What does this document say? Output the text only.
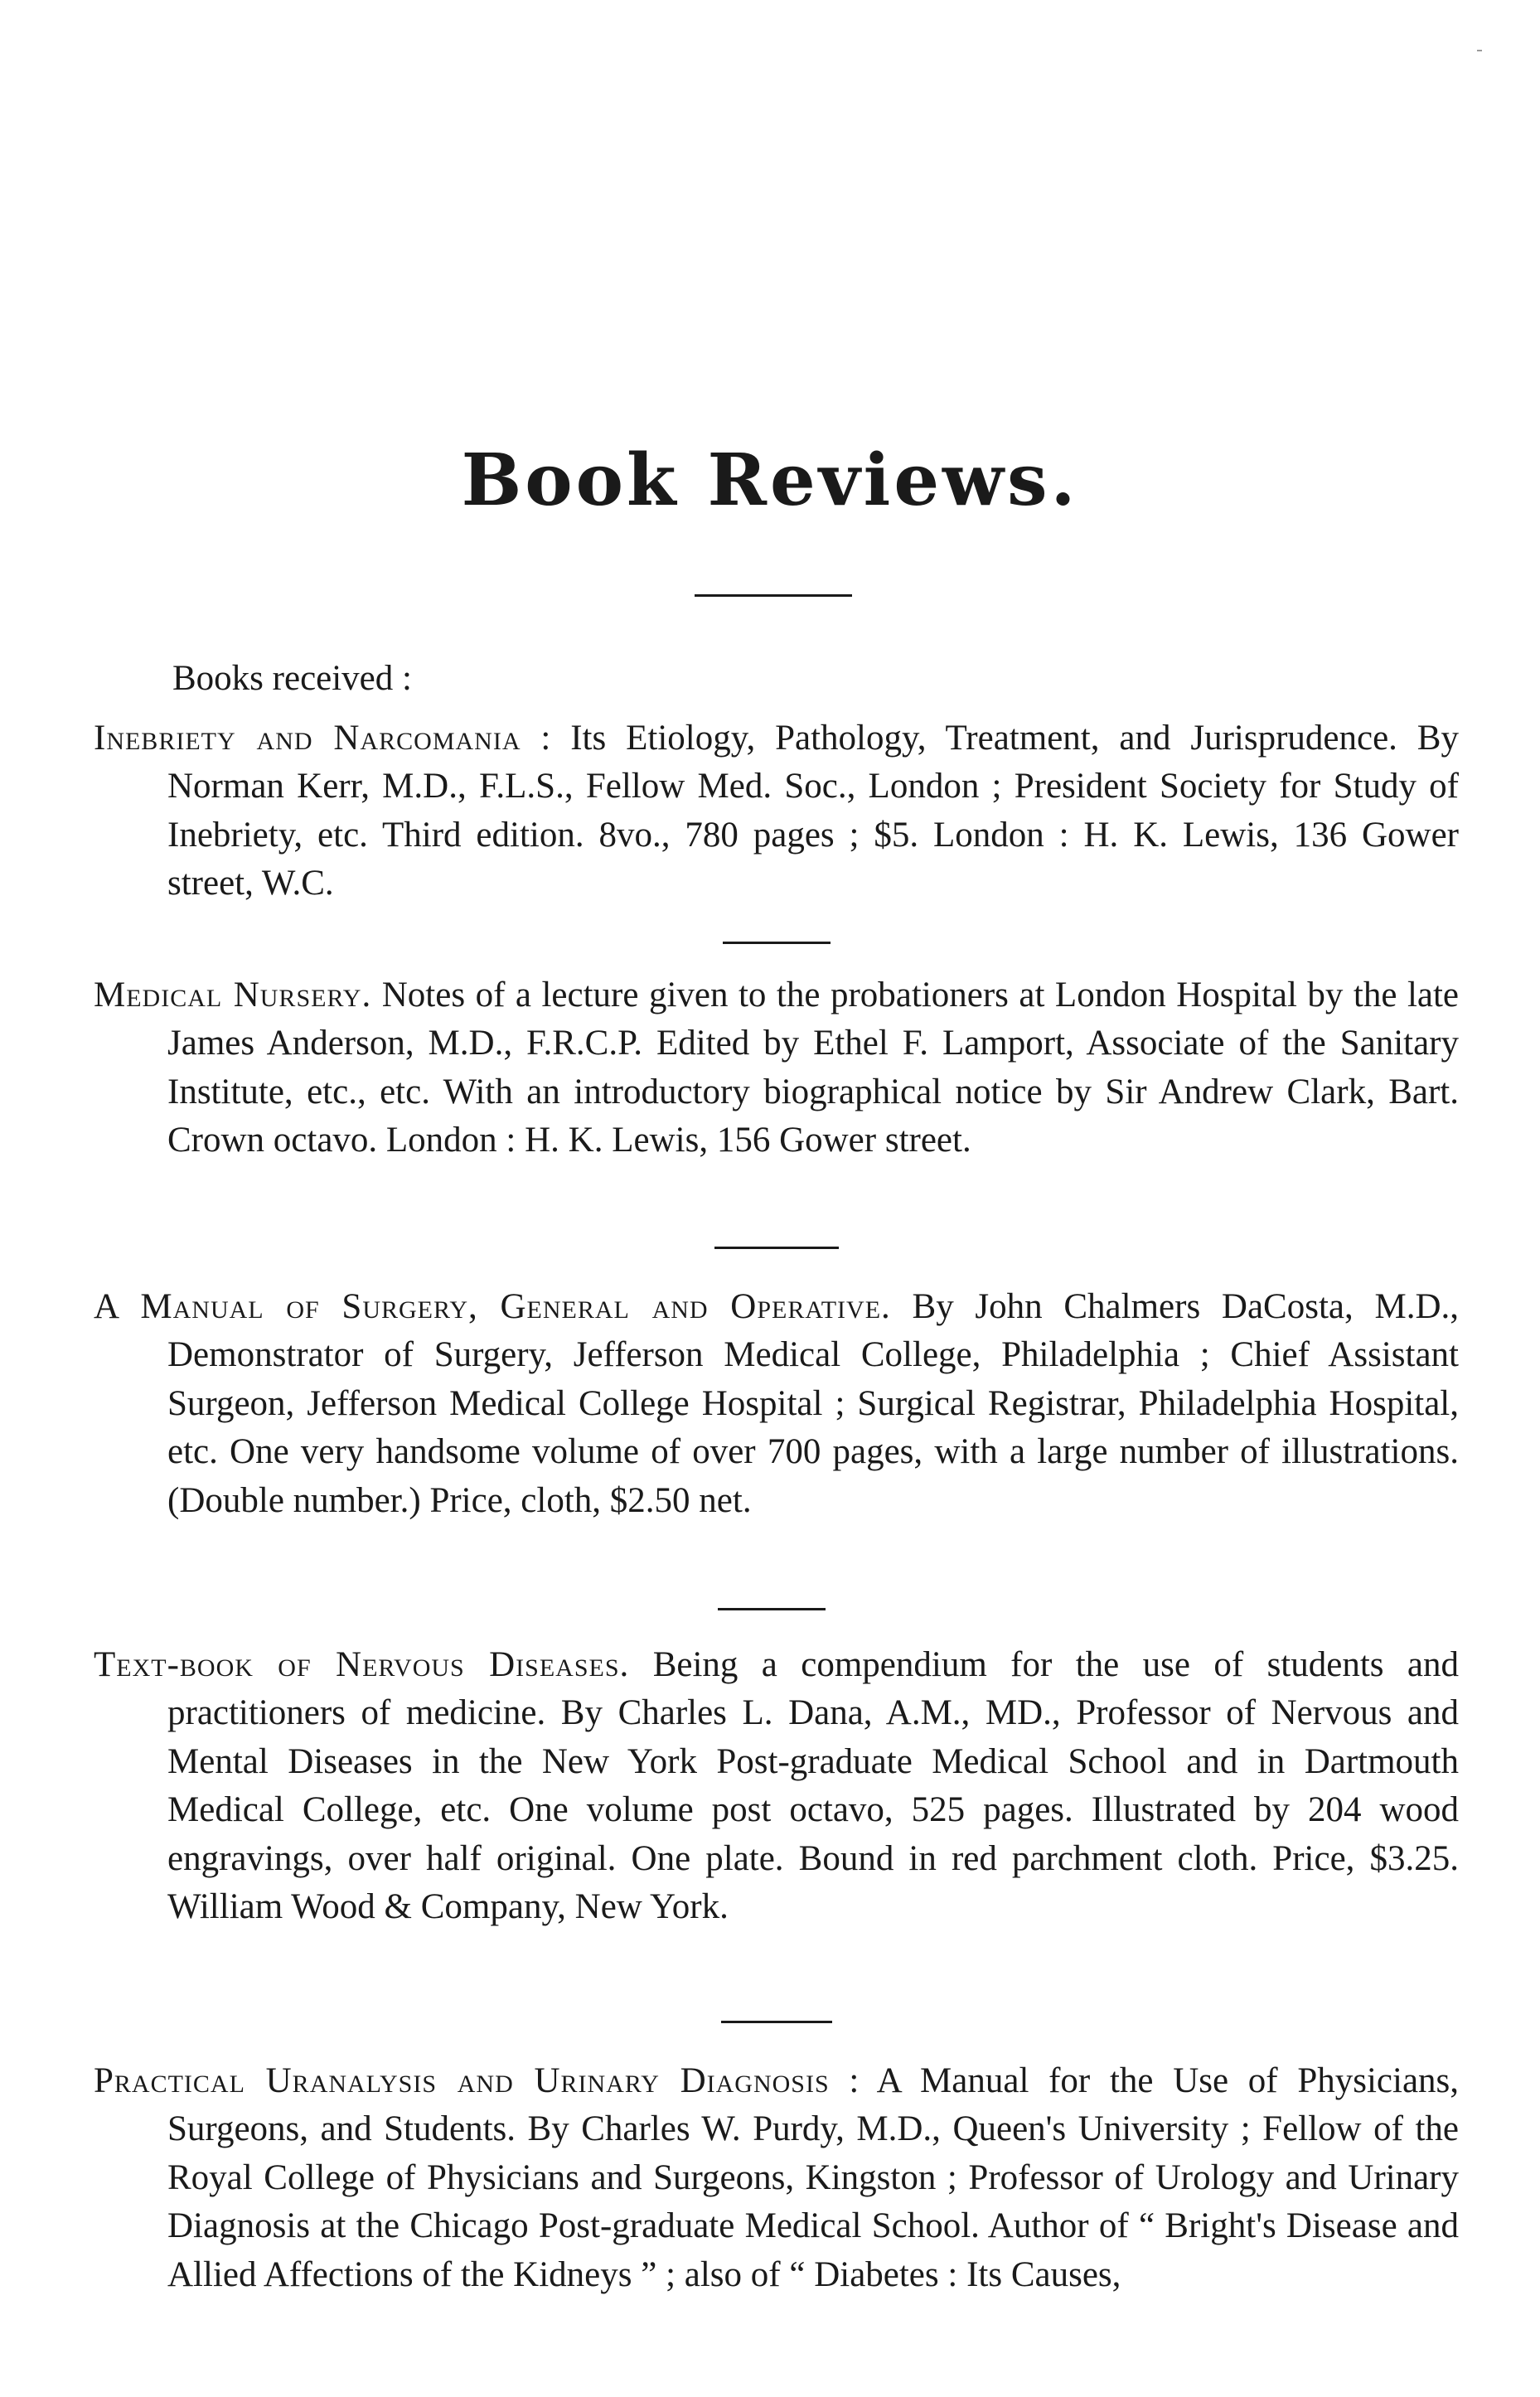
Book Reviews.

Books received :

Inebriety and Narcomania : Its Etiology, Pathology, Treatment, and Jurisprudence. By Norman Kerr, M.D., F.L.S., Fellow Med. Soc., London ; President Society for Study of Inebriety, etc. Third edition. 8vo., 780 pages ; $5. London : H. K. Lewis, 136 Gower street, W.C.

Medical Nursery. Notes of a lecture given to the probationers at London Hospital by the late James Anderson, M.D., F.R.C.P. Edited by Ethel F. Lamport, Associate of the Sanitary Institute, etc., etc. With an introductory biographical notice by Sir Andrew Clark, Bart. Crown octavo. London : H. K. Lewis, 156 Gower street.

A Manual of Surgery, General and Operative. By John Chalmers DaCosta, M.D., Demonstrator of Surgery, Jefferson Medical College, Philadelphia ; Chief Assistant Surgeon, Jefferson Medical College Hospital ; Surgical Registrar, Philadelphia Hospital, etc. One very handsome volume of over 700 pages, with a large number of illustrations. (Double number.) Price, cloth, $2.50 net.

Text-book of Nervous Diseases. Being a compendium for the use of students and practitioners of medicine. By Charles L. Dana, A.M., MD., Professor of Nervous and Mental Diseases in the New York Post-graduate Medical School and in Dartmouth Medical College, etc. One volume post octavo, 525 pages. Illustrated by 204 wood engravings, over half original. One plate. Bound in red parchment cloth. Price, $3.25. William Wood & Company, New York.

Practical Uranalysis and Urinary Diagnosis : A Manual for the Use of Physicians, Surgeons, and Students. By Charles W. Purdy, M.D., Queen's University ; Fellow of the Royal College of Physicians and Surgeons, Kingston ; Professor of Urology and Urinary Diagnosis at the Chicago Post-graduate Medical School. Author of “ Bright's Disease and Allied Affections of the Kidneys ” ; also of “ Diabetes : Its Causes,
